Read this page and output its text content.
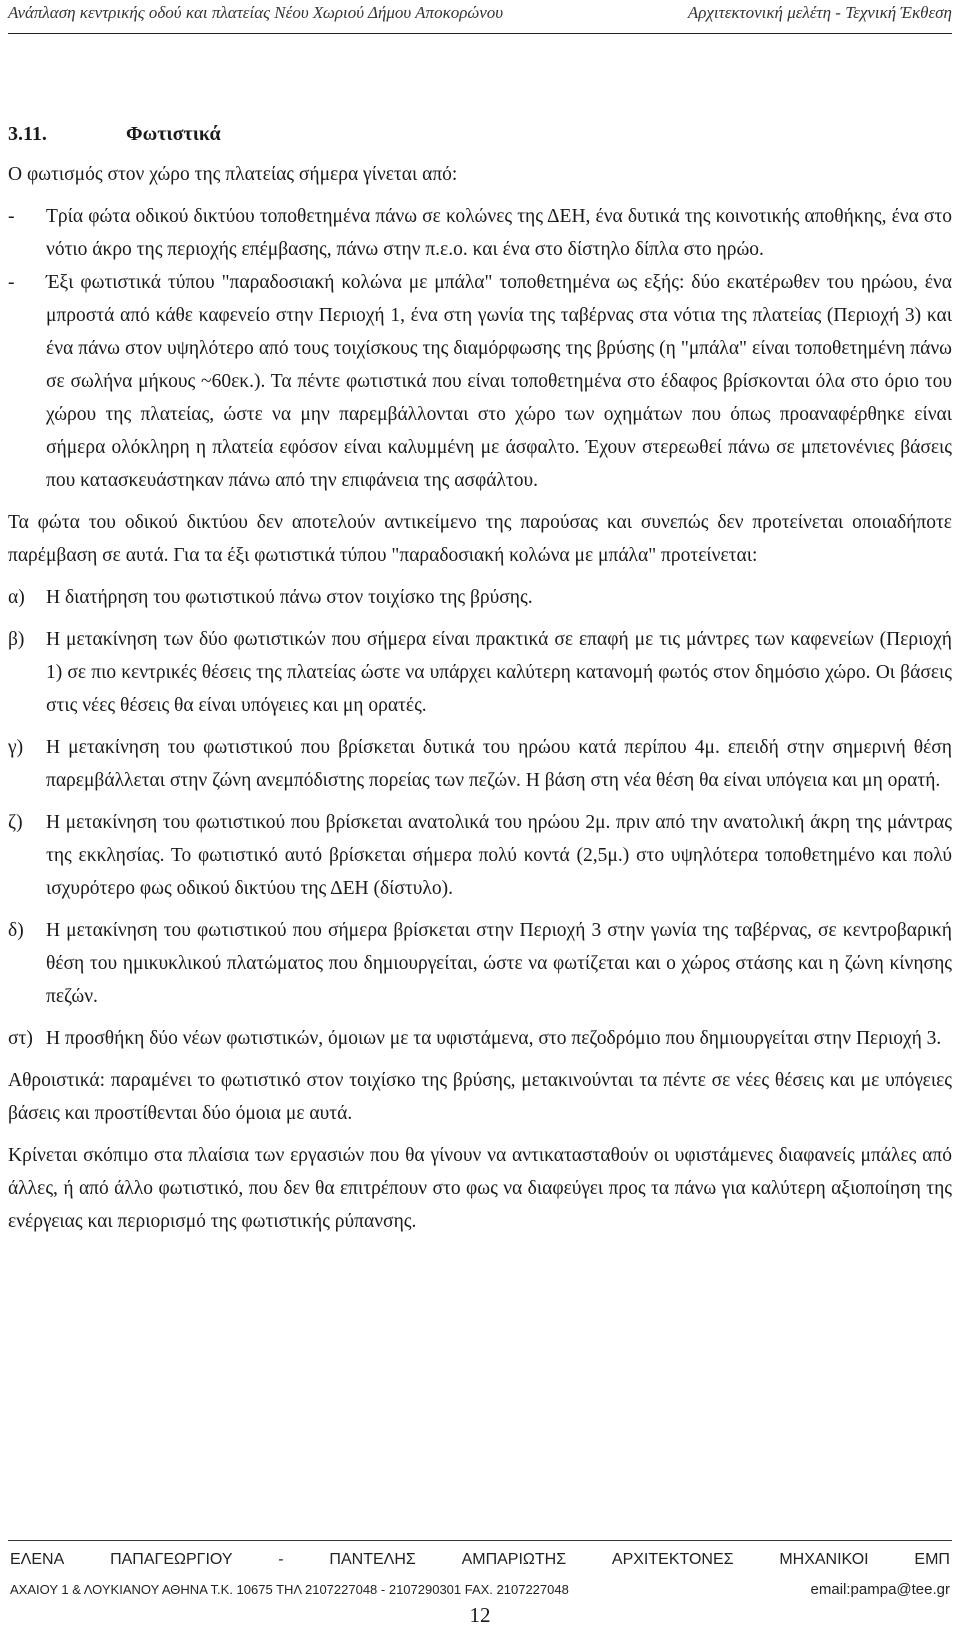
Ανάπλαση κεντρικής οδού και πλατείας Νέου Χωριού Δήμου Αποκορώνου	Αρχιτεκτονική μελέτη - Τεχνική Έκθεση
3.11.	Φωτιστικά

Ο φωτισμός στον χώρο της πλατείας σήμερα γίνεται από:

-	Τρία φώτα οδικού δικτύου τοποθετημένα πάνω σε κολώνες της ΔΕΗ, ένα δυτικά της κοινοτικής αποθήκης, ένα στο νότιο άκρο της περιοχής επέμβασης, πάνω στην π.ε.ο. και ένα στο δίστηλο δίπλα στο ηρώο.
-	Έξι φωτιστικά τύπου "παραδοσιακή κολώνα με μπάλα" τοποθετημένα ως εξής: δύο εκατέρωθεν του ηρώου, ένα μπροστά από κάθε καφενείο στην Περιοχή 1, ένα στη γωνία της ταβέρνας στα νότια της πλατείας (Περιοχή 3) και ένα πάνω στον υψηλότερο από τους τοιχίσκους της διαμόρφωσης της βρύσης (η "μπάλα" είναι τοποθετημένη πάνω σε σωλήνα μήκους ~60εκ.). Τα πέντε φωτιστικά που είναι τοποθετημένα στο έδαφος βρίσκονται όλα στο όριο του χώρου της πλατείας, ώστε να μην παρεμβάλλονται στο χώρο των οχημάτων που όπως προαναφέρθηκε είναι σήμερα ολόκληρη η πλατεία εφόσον είναι καλυμμένη με άσφαλτο. Έχουν στερεωθεί πάνω σε μπετονένιες βάσεις που κατασκευάστηκαν πάνω από την επιφάνεια της ασφάλτου.

Τα φώτα του οδικού δικτύου δεν αποτελούν αντικείμενο της παρούσας και συνεπώς δεν προτείνεται οποιαδήποτε παρέμβαση σε αυτά. Για τα έξι φωτιστικά τύπου "παραδοσιακή κολώνα με μπάλα" προτείνεται:

α)	Η διατήρηση του φωτιστικού πάνω στον τοιχίσκο της βρύσης.
β)	Η μετακίνηση των δύο φωτιστικών που σήμερα είναι πρακτικά σε επαφή με τις μάντρες των καφενείων (Περιοχή 1) σε πιο κεντρικές θέσεις της πλατείας ώστε να υπάρχει καλύτερη κατανομή φωτός στον δημόσιο χώρο. Οι βάσεις στις νέες θέσεις θα είναι υπόγειες και μη ορατές.
γ)	Η μετακίνηση του φωτιστικού που βρίσκεται δυτικά του ηρώου κατά περίπου 4μ. επειδή στην σημερινή θέση παρεμβάλλεται στην ζώνη ανεμπόδιστης πορείας των πεζών. Η βάση στη νέα θέση θα είναι υπόγεια και μη ορατή.
ζ)	Η μετακίνηση του φωτιστικού που βρίσκεται ανατολικά του ηρώου 2μ. πριν από την ανατολική άκρη της μάντρας της εκκλησίας. Το φωτιστικό αυτό βρίσκεται σήμερα πολύ κοντά (2,5μ.) στο υψηλότερα τοποθετημένο και πολύ ισχυρότερο φως οδικού δικτύου της ΔΕΗ (δίστυλο).
δ)	Η μετακίνηση του φωτιστικού που σήμερα βρίσκεται στην Περιοχή 3 στην γωνία της ταβέρνας, σε κεντροβαρική θέση του ημικυκλικού πλατώματος που δημιουργείται, ώστε να φωτίζεται και ο χώρος στάσης και η ζώνη κίνησης πεζών.
στ) Η προσθήκη δύο νέων φωτιστικών, όμοιων με τα υφιστάμενα, στο πεζοδρόμιο που δημιουργείται στην Περιοχή 3.

Αθροιστικά: παραμένει το φωτιστικό στον τοιχίσκο της βρύσης, μετακινούνται τα πέντε σε νέες θέσεις και με υπόγειες βάσεις και προστίθενται δύο όμοια με αυτά.

Κρίνεται σκόπιμο στα πλαίσια των εργασιών που θα γίνουν να αντικατασταθούν οι υφιστάμενες διαφανείς μπάλες από άλλες, ή από άλλο φωτιστικό, που δεν θα επιτρέπουν στο φως να διαφεύγει προς τα πάνω για καλύτερη αξιοποίηση της ενέργειας και περιορισμό της φωτιστικής ρύπανσης.

ΕΛΕΝΑ	ΠΑΠΑΓΕΩΡΓΙΟΥ	-	ΠΑΝΤΕΛΗΣ	ΑΜΠΑΡΙΩΤΗΣ	ΑΡΧΙΤΕΚΤΟΝΕΣ	ΜΗΧΑΝΙΚΟΙ	ΕΜΠ
ΑΧΑΙΟΥ 1 & ΛΟΥΚΙΑΝΟΥ ΑΘΗΝΑ Τ.Κ. 10675 ΤΗΛ 2107227048 - 2107290301 FAX. 2107227048	email:pampa@tee.gr
12
